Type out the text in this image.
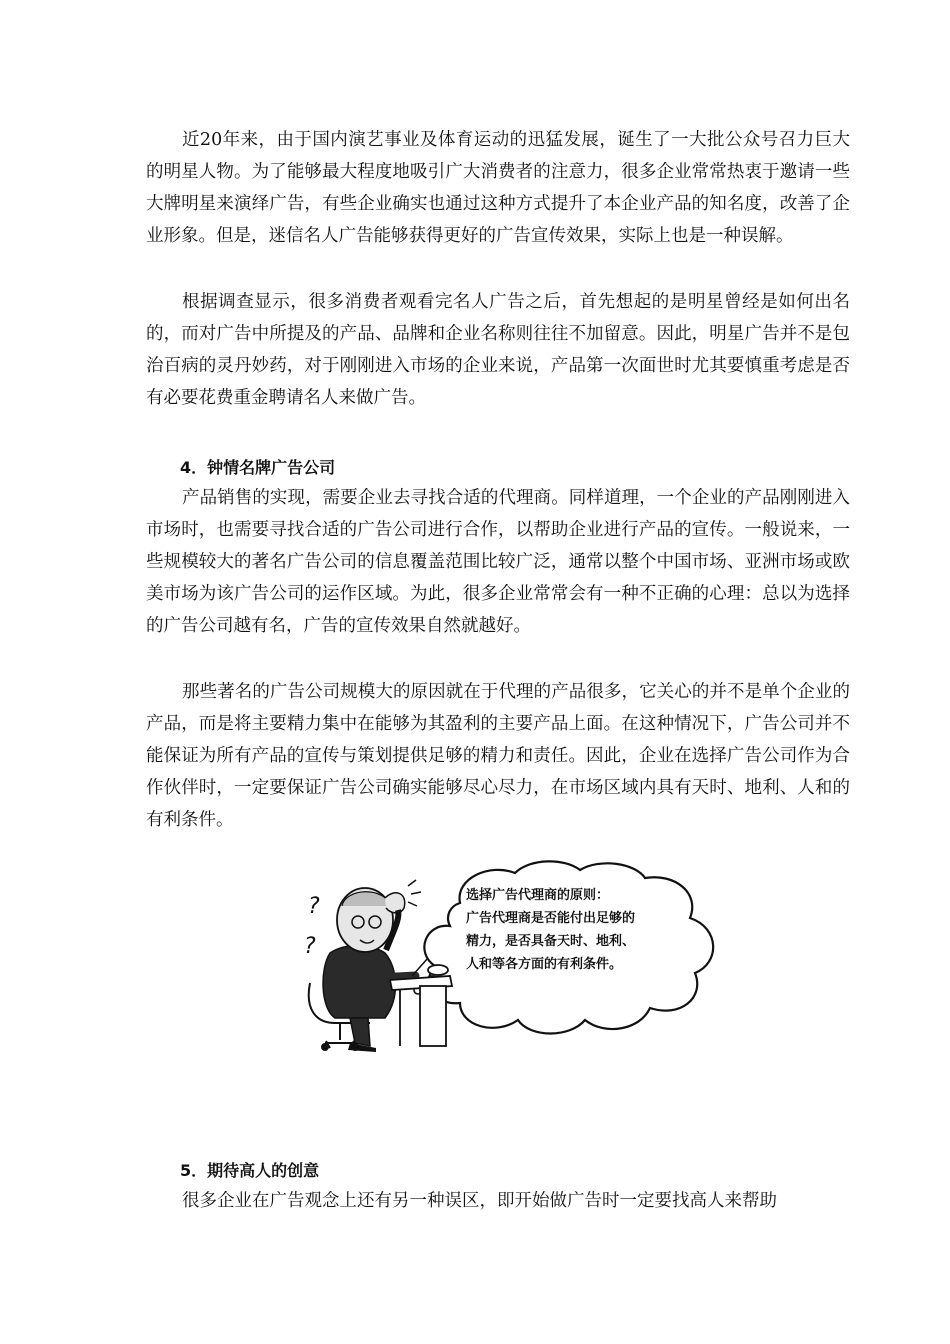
近20年来，由于国内演艺事业及体育运动的迅猛发展，诞生了一大批公众号召力巨大的明星人物。为了能够最大程度地吸引广大消费者的注意力，很多企业常常热衷于邀请一些大牌明星来演绎广告，有些企业确实也通过这种方式提升了本企业产品的知名度，改善了企业形象。但是，迷信名人广告能够获得更好的广告宣传效果，实际上也是一种误解。

根据调查显示，很多消费者观看完名人广告之后，首先想起的是明星曾经是如何出名的，而对广告中所提及的产品、品牌和企业名称则往往不加留意。因此，明星广告并不是包治百病的灵丹妙药，对于刚刚进入市场的企业来说，产品第一次面世时尤其要慎重考虑是否有必要花费重金聘请名人来做广告。

4．钟情名牌广告公司

产品销售的实现，需要企业去寻找合适的代理商。同样道理，一个企业的产品刚刚进入市场时，也需要寻找合适的广告公司进行合作，以帮助企业进行产品的宣传。一般说来，一些规模较大的著名广告公司的信息覆盖范围比较广泛，通常以整个中国市场、亚洲市场或欧美市场为该广告公司的运作区域。为此，很多企业常常会有一种不正确的心理：总以为选择的广告公司越有名，广告的宣传效果自然就越好。

那些著名的广告公司规模大的原因就在于代理的产品很多，它关心的并不是单个企业的产品，而是将主要精力集中在能够为其盈利的主要产品上面。在这种情况下，广告公司并不能保证为所有产品的宣传与策划提供足够的精力和责任。因此，企业在选择广告公司作为合作伙伴时，一定要保证广告公司确实能够尽心尽力，在市场区域内具有天时、地利、人和的有利条件。

?
?
选择广告代理商的原则：
广告代理商是否能付出足够的
精力，是否具备天时、地利、
人和等各方面的有利条件。

5．期待高人的创意

很多企业在广告观念上还有另一种误区，即开始做广告时一定要找高人来帮助
